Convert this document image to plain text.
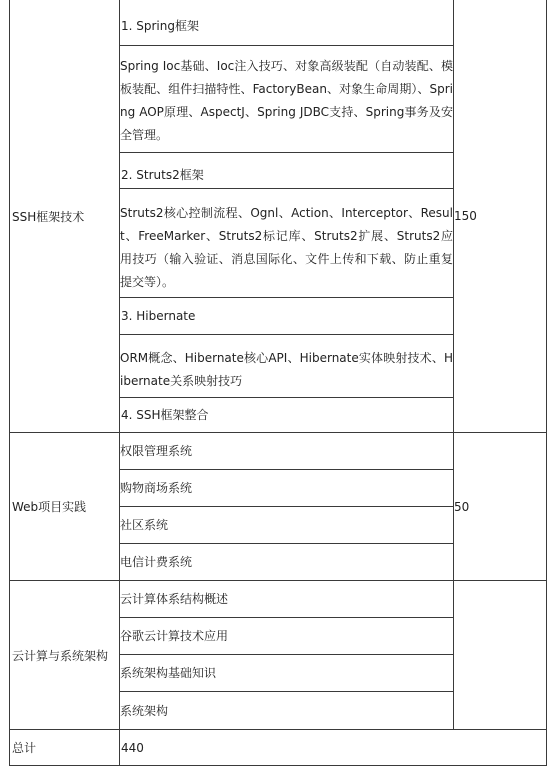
SSH框架技术
1. Spring框架
Spring Ioc基础、Ioc注入技巧、对象高级装配（自动装配、模板装配、组件扫描特性、FactoryBean、对象生命周期）、Spring AOP原理、AspectJ、Spring JDBC支持、Spring事务及安全管理。
2. Struts2框架
Struts2核心控制流程、Ognl、Action、Interceptor、Result、FreeMarker、Struts2标记库、Struts2扩展、Struts2应用技巧（输入验证、消息国际化、文件上传和下载、防止重复提交等）。
3. Hibernate
ORM概念、Hibernate核心API、Hibernate实体映射技术、Hibernate关系映射技巧
4. SSH框架整合
150
Web项目实践
权限管理系统
购物商场系统
社区系统
电信计费系统
50
云计算与系统架构
云计算体系结构概述
谷歌云计算技术应用
系统架构基础知识
系统架构
总计	440
